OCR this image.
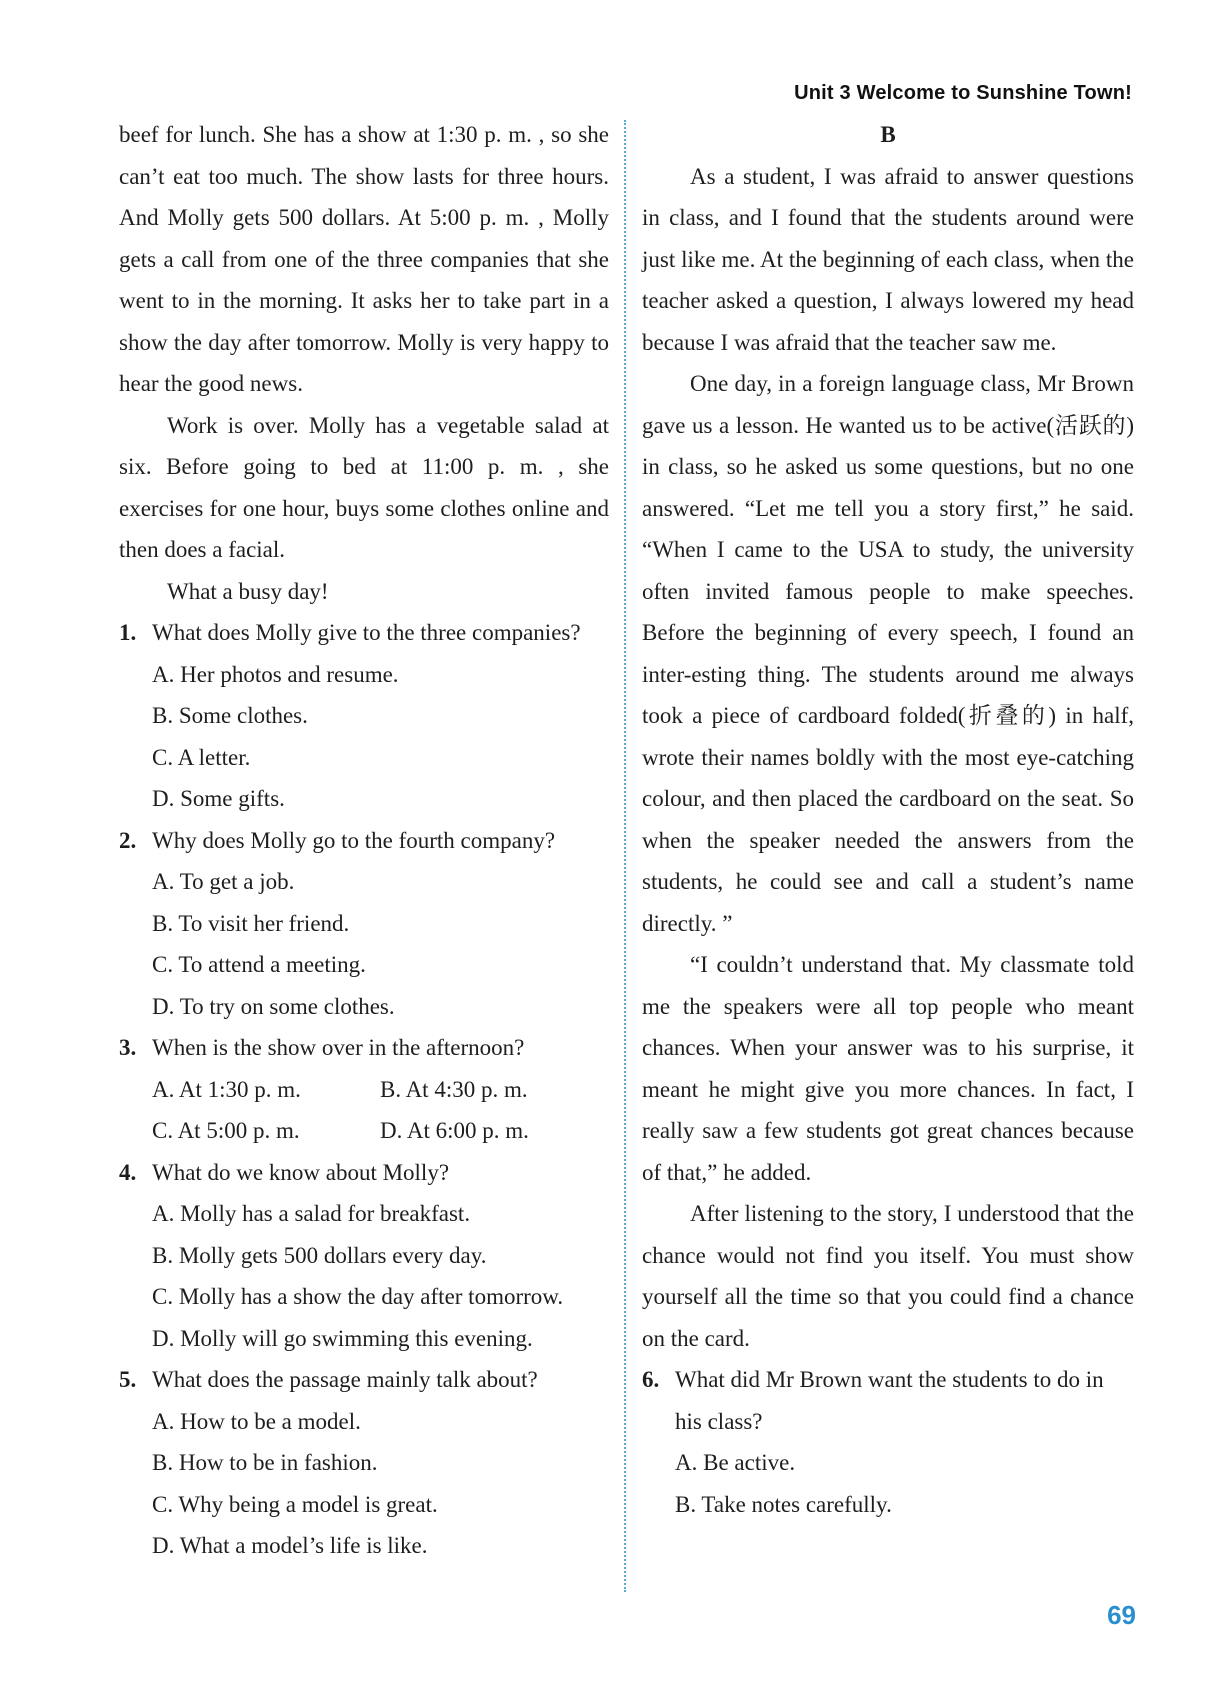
Unit 3 Welcome to Sunshine Town!

beef for lunch. She has a show at 1:30 p. m. , so she can’t eat too much. The show lasts for three hours. And Molly gets 500 dollars. At 5:00 p. m. , Molly gets a call from one of the three companies that she went to in the morning. It asks her to take part in a show the day after tomorrow. Molly is very happy to hear the good news.

Work is over. Molly has a vegetable salad at six. Before going to bed at 11:00 p. m. , she exercises for one hour, buys some clothes online and then does a facial.

What a busy day!

1. What does Molly give to the three companies?
A. Her photos and resume.
B. Some clothes.
C. A letter.
D. Some gifts.
2. Why does Molly go to the fourth company?
A. To get a job.
B. To visit her friend.
C. To attend a meeting.
D. To try on some clothes.
3. When is the show over in the afternoon?
A. At 1:30 p. m.	B. At 4:30 p. m.
C. At 5:00 p. m.	D. At 6:00 p. m.
4. What do we know about Molly?
A. Molly has a salad for breakfast.
B. Molly gets 500 dollars every day.
C. Molly has a show the day after tomorrow.
D. Molly will go swimming this evening.
5. What does the passage mainly talk about?
A. How to be a model.
B. How to be in fashion.
C. Why being a model is great.
D. What a model’s life is like.

B

As a student, I was afraid to answer questions in class, and I found that the students around were just like me. At the beginning of each class, when the teacher asked a question, I always lowered my head because I was afraid that the teacher saw me.

One day, in a foreign language class, Mr Brown gave us a lesson. He wanted us to be active(活跃的) in class, so he asked us some questions, but no one answered. “Let me tell you a story first,” he said. “When I came to the USA to study, the university often invited famous people to make speeches. Before the beginning of every speech, I found an inter-esting thing. The students around me always took a piece of cardboard folded(折叠的) in half, wrote their names boldly with the most eye-catching colour, and then placed the cardboard on the seat. So when the speaker needed the answers from the students, he could see and call a student’s name directly. ”

“I couldn’t understand that. My classmate told me the speakers were all top people who meant chances. When your answer was to his surprise, it meant he might give you more chances. In fact, I really saw a few students got great chances because of that,” he added.

After listening to the story, I understood that the chance would not find you itself. You must show yourself all the time so that you could find a chance on the card.

6. What did Mr Brown want the students to do in his class?
A. Be active.
B. Take notes carefully.
69
